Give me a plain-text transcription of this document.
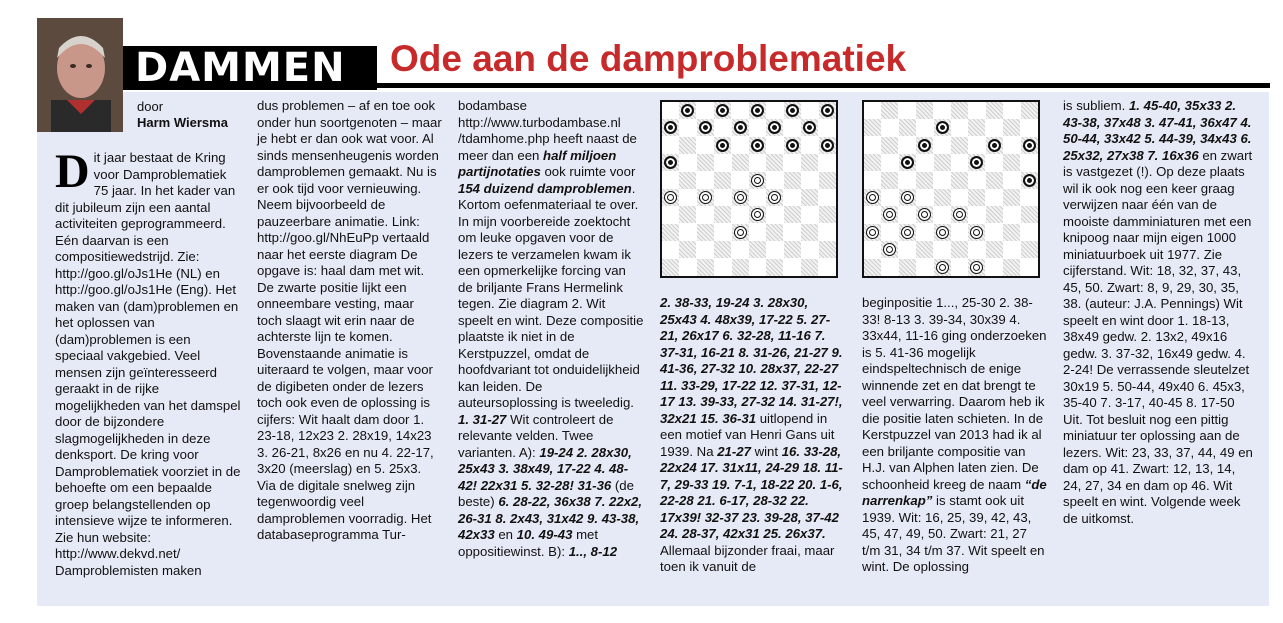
DAMMEN Ode aan de damproblematiek
door
Harm Wiersma
D it jaar bestaat de Kring voor Damproblematiek 75 jaar. In het kader van dit jubileum zijn een aantal activiteiten geprogrammeerd. Eén daarvan is een compositiewedstrijd. Zie: http://goo.gl/oJs1He (NL) en http://goo.gl/oJs1He (Eng). Het maken van (dam)problemen en het oplossen van (dam)problemen is een speciaal vakgebied. Veel mensen zijn geïnteresseerd geraakt in de rijke mogelijkheden van het damspel door de bijzondere slagmogelijkheden in deze denksport. De kring voor Damproblematiek voorziet in de behoefte om een bepaalde groep belangstellenden op intensieve wijze te informeren. Zie hun website: http://www.dekvd.net/ Damproblemisten maken
dus problemen – af en toe ook onder hun soortgenoten – maar je hebt er dan ook wat voor. Al sinds mensenheugenis worden damproblemen gemaakt. Nu is er ook tijd voor vernieuwing. Neem bijvoorbeeld de pauzeerbare animatie. Link: http://goo.gl/NhEuPp vertaald naar het eerste diagram De opgave is: haal dam met wit. De zwarte positie lijkt een onneembare vesting, maar toch slaagt wit erin naar de achterste lijn te komen. Bovenstaande animatie is uiteraard te volgen, maar voor de digibeten onder de lezers toch ook even de oplossing is cijfers: Wit haalt dam door 1. 23-18, 12x23 2. 28x19, 14x23 3. 26-21, 8x26 en nu 4. 22-17, 3x20 (meerslag) en 5. 25x3. Via de digitale snelweg zijn tegenwoordig veel damproblemen voorradig. Het databaseprogramma Tur-
bodambase http://www.turbodambase.nl /tdamhome.php heeft naast de meer dan een half miljoen partijnotaties ook ruimte voor 154 duizend damproblemen. Kortom oefenmateriaal te over. In mijn voorbereide zoektocht om leuke opgaven voor de lezers te verzamelen kwam ik een opmerkelijke forcing van de briljante Frans Hermelink tegen. Zie diagram 2. Wit speelt en wint. Deze compositie plaatste ik niet in de Kerstpuzzel, omdat de hoofdvariant tot onduidelijkheid kan leiden. De auteursoplossing is tweeledig. 1. 31-27 Wit controleert de relevante velden. Twee varianten. A): 19-24 2. 28x30, 25x43 3. 38x49, 17-22 4. 48-42! 22x31 5. 32-28! 31-36 (de beste) 6. 28-22, 36x38 7. 22x2, 26-31 8. 2x43, 31x42 9. 43-38, 42x33 en 10. 49-43 met oppositiewinst. B): 1.., 8-12
2. 38-33, 19-24 3. 28x30, 25x43 4. 48x39, 17-22 5. 27-21, 26x17 6. 32-28, 11-16 7. 37-31, 16-21 8. 31-26, 21-27 9. 41-36, 27-32 10. 28x37, 22-27 11. 33-29, 17-22 12. 37-31, 12-17 13. 39-33, 27-32 14. 31-27!, 32x21 15. 36-31 uitlopend in een motief van Henri Gans uit 1939. Na 21-27 wint 16. 33-28, 22x24 17. 31x11, 24-29 18. 11-7, 29-33 19. 7-1, 18-22 20. 1-6, 22-28 21. 6-17, 28-32 22. 17x39! 32-37 23. 39-28, 37-42 24. 28-37, 42x31 25. 26x37. Allemaal bijzonder fraai, maar toen ik vanuit de
beginpositie 1..., 25-30 2. 38-33! 8-13 3. 39-34, 30x39 4. 33x44, 11-16 ging onderzoeken is 5. 41-36 mogelijk eindspeltechnisch de enige winnende zet en dat brengt te veel verwarring. Daarom heb ik die positie laten schieten. In de Kerstpuzzel van 2013 had ik al een briljante compositie van H.J. van Alphen laten zien. De schoonheid kreeg de naam “de narrenkap” is stamt ook uit 1939. Wit: 16, 25, 39, 42, 43, 45, 47, 49, 50. Zwart: 21, 27 t/m 31, 34 t/m 37. Wit speelt en wint. De oplossing
is subliem. 1. 45-40, 35x33 2. 43-38, 37x48 3. 47-41, 36x47 4. 50-44, 33x42 5. 44-39, 34x43 6. 25x32, 27x38 7. 16x36 en zwart is vastgezet (!). Op deze plaats wil ik ook nog een keer graag verwijzen naar één van de mooiste damminiaturen met een knipoog naar mijn eigen 1000 miniatuurboek uit 1977. Zie cijferstand. Wit: 18, 32, 37, 43, 45, 50. Zwart: 8, 9, 29, 30, 35, 38. (auteur: J.A. Pennings) Wit speelt en wint door 1. 18-13, 38x49 gedw. 2. 13x2, 49x16 gedw. 3. 37-32, 16x49 gedw. 4. 2-24! De verrassende sleutelzet 30x19 5. 50-44, 49x40 6. 45x3, 35-40 7. 3-17, 40-45 8. 17-50 Uit. Tot besluit nog een pittig miniatuur ter oplossing aan de lezers. Wit: 23, 33, 37, 44, 49 en dam op 41. Zwart: 12, 13, 14, 24, 27, 34 en dam op 46. Wit speelt en wint. Volgende week de uitkomst.
